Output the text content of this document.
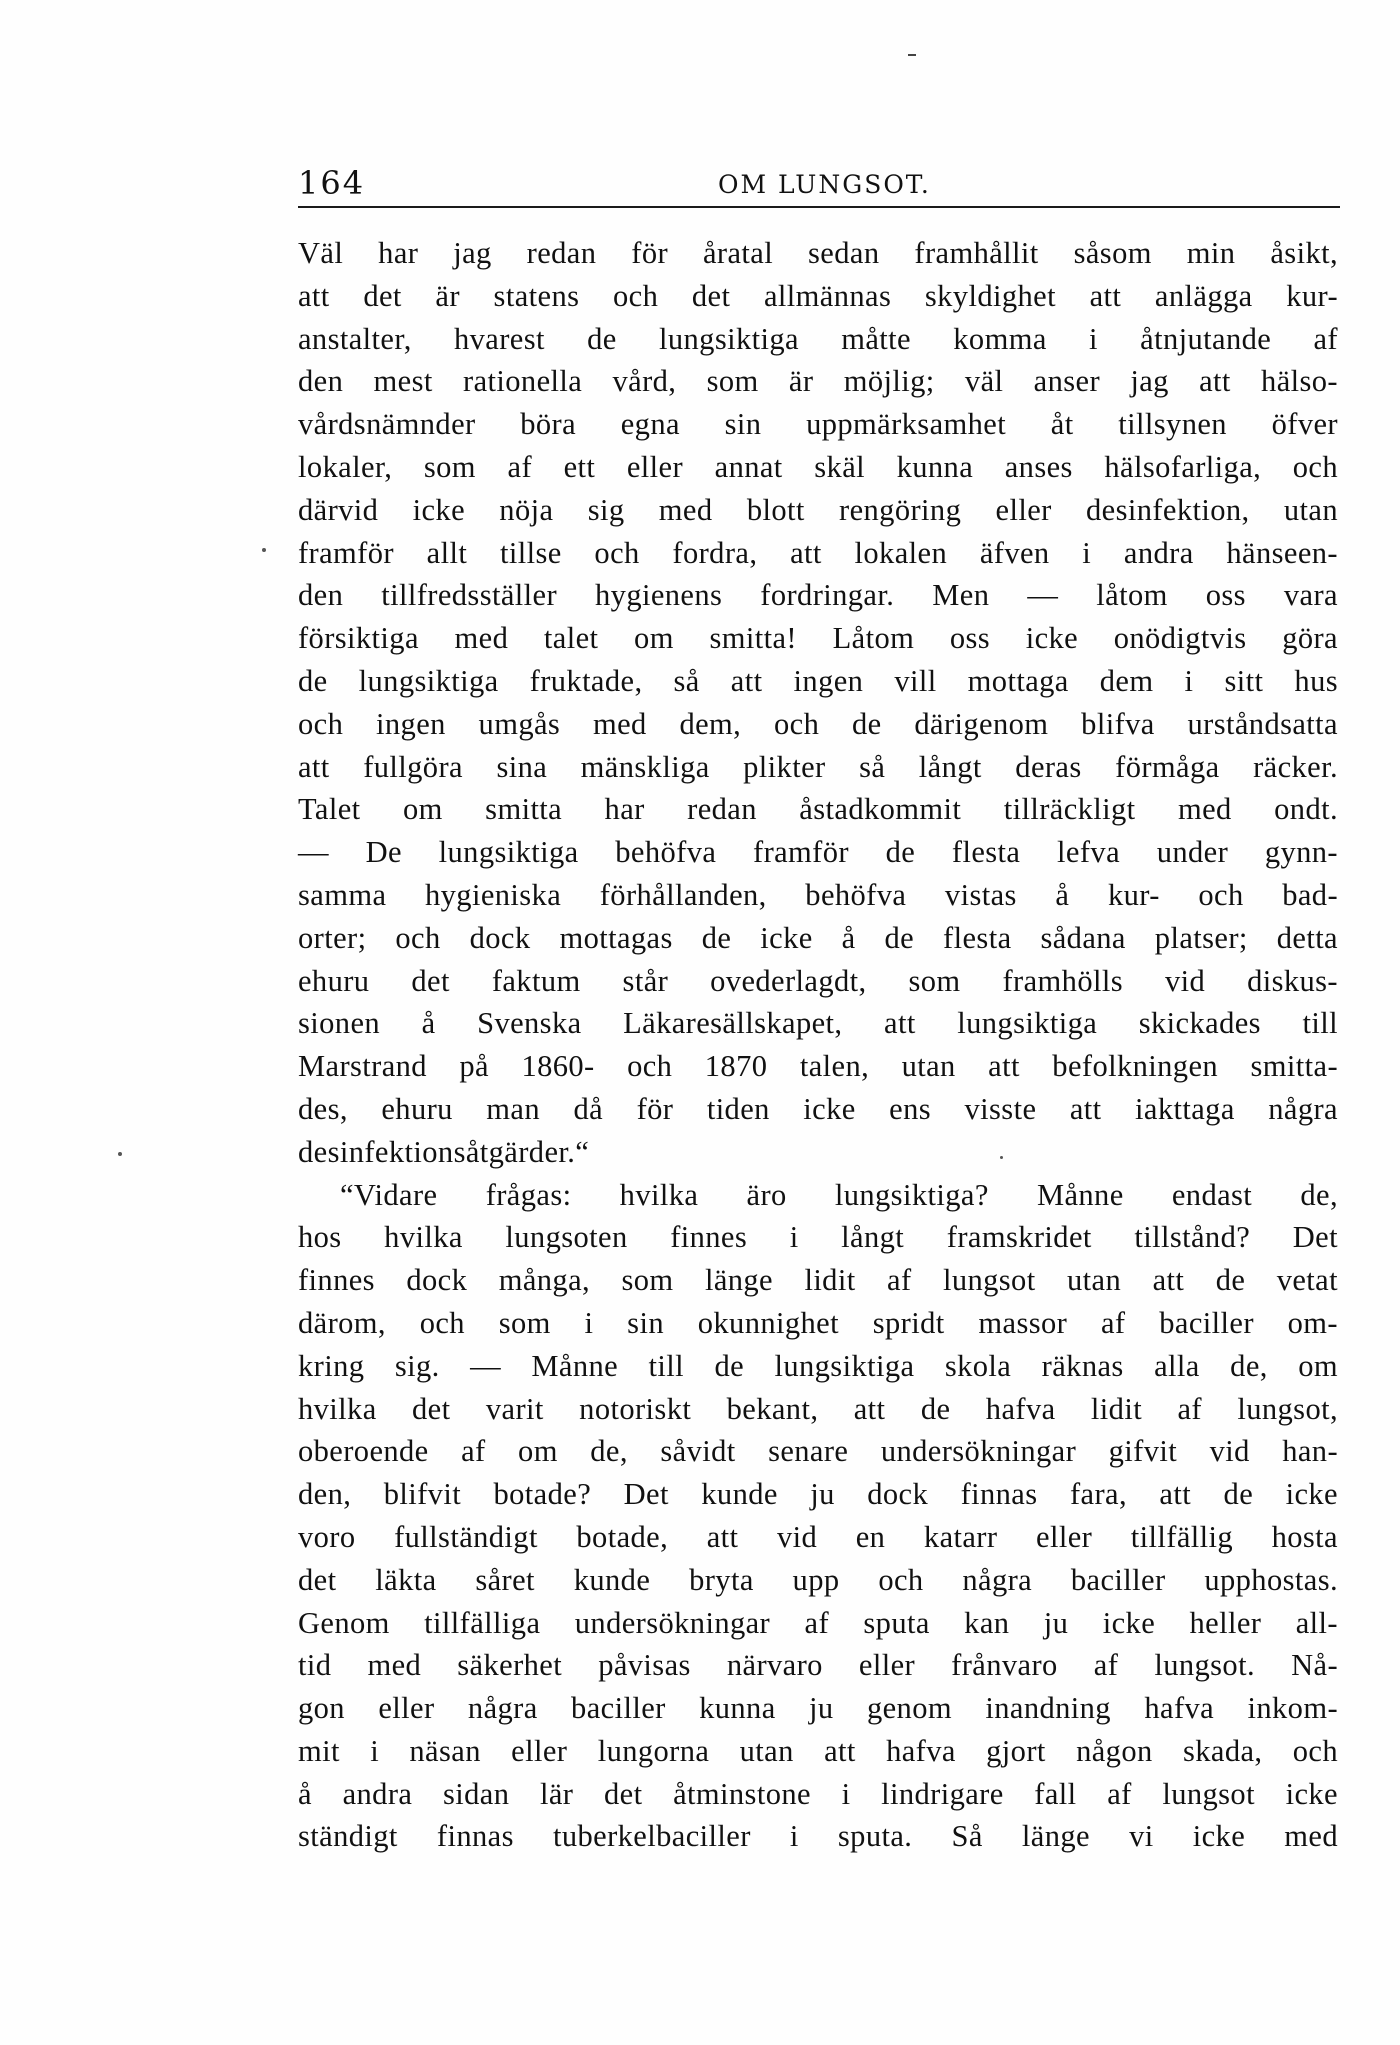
164	OM LUNGSOT.
Väl har jag redan för åratal sedan framhållit såsom min åsikt,
att det är statens och det allmännas skyldighet att anlägga kur-
anstalter, hvarest de lungsiktiga måtte komma i åtnjutande af
den mest rationella vård, som är möjlig; väl anser jag att hälso-
vårdsnämnder böra egna sin uppmärksamhet åt tillsynen öfver
lokaler, som af ett eller annat skäl kunna anses hälsofarliga, och
därvid icke nöja sig med blott rengöring eller desinfektion, utan
framför allt tillse och fordra, att lokalen äfven i andra hänseen-
den tillfredsställer hygienens fordringar. Men — låtom oss vara
försiktiga med talet om smitta! Låtom oss icke onödigtvis göra
de lungsiktiga fruktade, så att ingen vill mottaga dem i sitt hus
och ingen umgås med dem, och de därigenom blifva urståndsatta
att fullgöra sina mänskliga plikter så långt deras förmåga räcker.
Talet om smitta har redan åstadkommit tillräckligt med ondt.
— De lungsiktiga behöfva framför de flesta lefva under gynn-
samma hygieniska förhållanden, behöfva vistas å kur- och bad-
orter; och dock mottagas de icke å de flesta sådana platser; detta
ehuru det faktum står ovederlagdt, som framhölls vid diskus-
sionen å Svenska Läkaresällskapet, att lungsiktiga skickades till
Marstrand på 1860- och 1870 talen, utan att befolkningen smitta-
des, ehuru man då för tiden icke ens visste att iakttaga några
desinfektionsåtgärder.“
“Vidare frågas: hvilka äro lungsiktiga? Månne endast de,
hos hvilka lungsoten finnes i långt framskridet tillstånd? Det
finnes dock många, som länge lidit af lungsot utan att de vetat
därom, och som i sin okunnighet spridt massor af baciller om-
kring sig. — Månne till de lungsiktiga skola räknas alla de, om
hvilka det varit notoriskt bekant, att de hafva lidit af lungsot,
oberoende af om de, såvidt senare undersökningar gifvit vid han-
den, blifvit botade? Det kunde ju dock finnas fara, att de icke
voro fullständigt botade, att vid en katarr eller tillfällig hosta
det läkta såret kunde bryta upp och några baciller upphostas.
Genom tillfälliga undersökningar af sputa kan ju icke heller all-
tid med säkerhet påvisas närvaro eller frånvaro af lungsot. Nå-
gon eller några baciller kunna ju genom inandning hafva inkom-
mit i näsan eller lungorna utan att hafva gjort någon skada, och
å andra sidan lär det åtminstone i lindrigare fall af lungsot icke
ständigt finnas tuberkelbaciller i sputa. Så länge vi icke med
